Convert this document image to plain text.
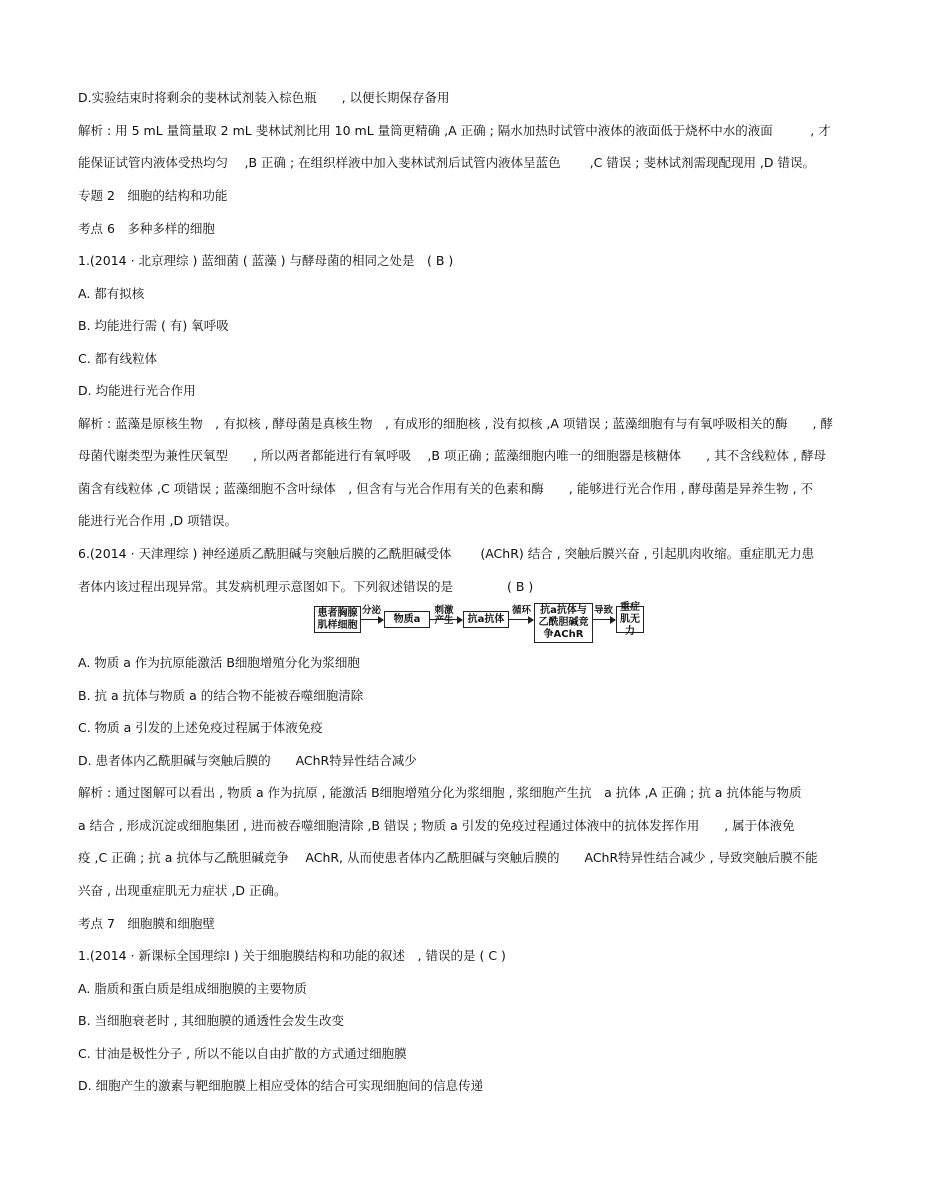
D.实验结束时将剩余的斐林试剂装入棕色瓶　　, 以便长期保存备用
解析 : 用 5 mL 量筒量取 2 mL 斐林试剂比用 10 mL 量筒更精确 ,A 正确 ; 隔水加热时试管中液体的液面低于烧杯中水的液面　　　, 才
能保证试管内液体受热均匀　 ,B 正确 ; 在组织样液中加入斐林试剂后试管内液体呈蓝色　　 ,C 错误 ; 斐林试剂需现配现用 ,D 错误。
专题 2　细胞的结构和功能
考点 6　多种多样的细胞
1.(2014 · 北京理综 ) 蓝细菌 ( 蓝藻 ) 与酵母菌的相同之处是　( B )
A. 都有拟核
B. 均能进行需 ( 有) 氧呼吸
C. 都有线粒体
D. 均能进行光合作用
解析 : 蓝藻是原核生物　, 有拟核 , 酵母菌是真核生物　, 有成形的细胞核 , 没有拟核 ,A 项错误 ; 蓝藻细胞有与有氧呼吸相关的酶　　, 酵
母菌代谢类型为兼性厌氧型　　, 所以两者都能进行有氧呼吸　 ,B 项正确 ; 蓝藻细胞内唯一的细胞器是核糖体　　, 其不含线粒体 , 酵母
菌含有线粒体 ,C 项错误 ; 蓝藻细胞不含叶绿体　, 但含有与光合作用有关的色素和酶　　, 能够进行光合作用 , 酵母菌是异养生物 , 不
能进行光合作用 ,D 项错误。
6.(2014 · 天津理综 ) 神经递质乙酰胆碱与突触后膜的乙酰胆碱受体　　 (AChR) 结合 , 突触后膜兴奋 , 引起肌肉收缩。重症肌无力患
者体内该过程出现异常。其发病机理示意图如下。下列叙述错误的是　　　　 ( B )
患者胸腺肌样细胞
分泌
物质a
刺激产生	抗a抗体
循环 抗a抗体与乙酰胆碱竞争AChR
导致 重症肌无力
A. 物质 a 作为抗原能激活 B细胞增殖分化为浆细胞
B. 抗 a 抗体与物质 a 的结合物不能被吞噬细胞清除
C. 物质 a 引发的上述免疫过程属于体液免疫
D. 患者体内乙酰胆碱与突触后膜的　　AChR特异性结合减少
解析 : 通过图解可以看出 , 物质 a 作为抗原 , 能激活 B细胞增殖分化为浆细胞 , 浆细胞产生抗　a 抗体 ,A 正确 ; 抗 a 抗体能与物质
a 结合 , 形成沉淀或细胞集团 , 进而被吞噬细胞清除 ,B 错误 ; 物质 a 引发的免疫过程通过体液中的抗体发挥作用　　, 属于体液免
疫 ,C 正确 ; 抗 a 抗体与乙酰胆碱竞争　 AChR, 从而使患者体内乙酰胆碱与突触后膜的　　AChR特异性结合减少 , 导致突触后膜不能
兴奋 , 出现重症肌无力症状 ,D 正确。
考点 7　细胞膜和细胞壁
1.(2014 · 新课标全国理综Ⅰ ) 关于细胞膜结构和功能的叙述　, 错误的是 ( C )
A. 脂质和蛋白质是组成细胞膜的主要物质
B. 当细胞衰老时 , 其细胞膜的通透性会发生改变
C. 甘油是极性分子 , 所以不能以自由扩散的方式通过细胞膜
D. 细胞产生的激素与靶细胞膜上相应受体的结合可实现细胞间的信息传递
